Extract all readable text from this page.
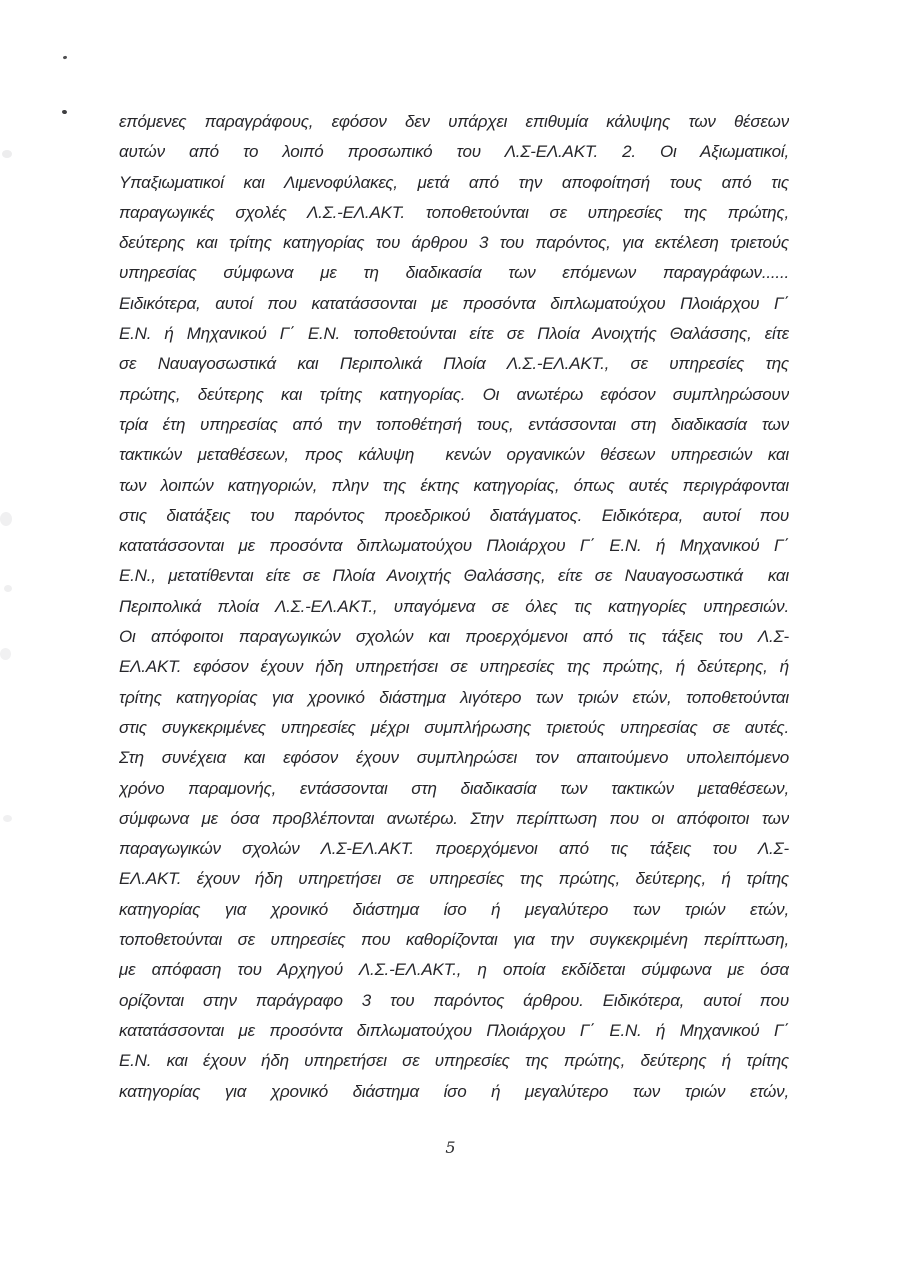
επόμενες παραγράφους, εφόσον δεν υπάρχει επιθυμία κάλυψης των θέσεων
αυτών από το λοιπό προσωπικό του Λ.Σ-ΕΛ.ΑΚΤ. 2. Οι Αξιωματικοί,
Υπαξιωματικοί και Λιμενοφύλακες, μετά από την αποφοίτησή τους από τις
παραγωγικές σχολές Λ.Σ.-ΕΛ.ΑΚΤ. τοποθετούνται σε υπηρεσίες της πρώτης,
δεύτερης και τρίτης κατηγορίας του άρθρου 3 του παρόντος, για εκτέλεση τριετούς
υπηρεσίας σύμφωνα με τη διαδικασία των επόμενων παραγράφων......
Ειδικότερα, αυτοί που κατατάσσονται με προσόντα διπλωματούχου Πλοιάρχου Γ΄
Ε.Ν. ή Μηχανικού Γ΄ Ε.Ν. τοποθετούνται είτε σε Πλοία Ανοιχτής Θαλάσσης, είτε
σε Ναυαγοσωστικά και Περιπολικά Πλοία Λ.Σ.-ΕΛ.ΑΚΤ., σε υπηρεσίες της
πρώτης, δεύτερης και τρίτης κατηγορίας. Οι ανωτέρω εφόσον συμπληρώσουν
τρία έτη υπηρεσίας από την τοποθέτησή τους, εντάσσονται στη διαδικασία των
τακτικών μεταθέσεων, προς κάλυψη  κενών οργανικών θέσεων υπηρεσιών και
των λοιπών κατηγοριών, πλην της έκτης κατηγορίας, όπως αυτές περιγράφονται
στις διατάξεις του παρόντος προεδρικού διατάγματος. Ειδικότερα, αυτοί που
κατατάσσονται με προσόντα διπλωματούχου Πλοιάρχου Γ΄ Ε.Ν. ή Μηχανικού Γ΄
Ε.Ν., μετατίθενται είτε σε Πλοία Ανοιχτής Θαλάσσης, είτε σε Ναυαγοσωστικά  και
Περιπολικά πλοία Λ.Σ.-ΕΛ.ΑΚΤ., υπαγόμενα σε όλες τις κατηγορίες υπηρεσιών.
Οι απόφοιτοι παραγωγικών σχολών και προερχόμενοι από τις τάξεις του Λ.Σ-
ΕΛ.ΑΚΤ. εφόσον έχουν ήδη υπηρετήσει σε υπηρεσίες της πρώτης, ή δεύτερης, ή
τρίτης κατηγορίας για χρονικό διάστημα λιγότερο των τριών ετών, τοποθετούνται
στις συγκεκριμένες υπηρεσίες μέχρι συμπλήρωσης τριετούς υπηρεσίας σε αυτές.
Στη συνέχεια και εφόσον έχουν συμπληρώσει τον απαιτούμενο υπολειπόμενο
χρόνο παραμονής, εντάσσονται στη διαδικασία των τακτικών μεταθέσεων,
σύμφωνα με όσα προβλέπονται ανωτέρω. Στην περίπτωση που οι απόφοιτοι των
παραγωγικών σχολών Λ.Σ-ΕΛ.ΑΚΤ. προερχόμενοι από τις τάξεις του Λ.Σ-
ΕΛ.ΑΚΤ. έχουν ήδη υπηρετήσει σε υπηρεσίες της πρώτης, δεύτερης, ή τρίτης
κατηγορίας για χρονικό διάστημα ίσο ή μεγαλύτερο των τριών ετών,
τοποθετούνται σε υπηρεσίες που καθορίζονται για την συγκεκριμένη περίπτωση,
με απόφαση του Αρχηγού Λ.Σ.-ΕΛ.ΑΚΤ., η οποία εκδίδεται σύμφωνα με όσα
ορίζονται στην παράγραφο 3 του παρόντος άρθρου. Ειδικότερα, αυτοί που
κατατάσσονται με προσόντα διπλωματούχου Πλοιάρχου Γ΄ Ε.Ν. ή Μηχανικού Γ΄
Ε.Ν. και έχουν ήδη υπηρετήσει σε υπηρεσίες της πρώτης, δεύτερης ή τρίτης
κατηγορίας για χρονικό διάστημα ίσο ή μεγαλύτερο των τριών ετών,
5
